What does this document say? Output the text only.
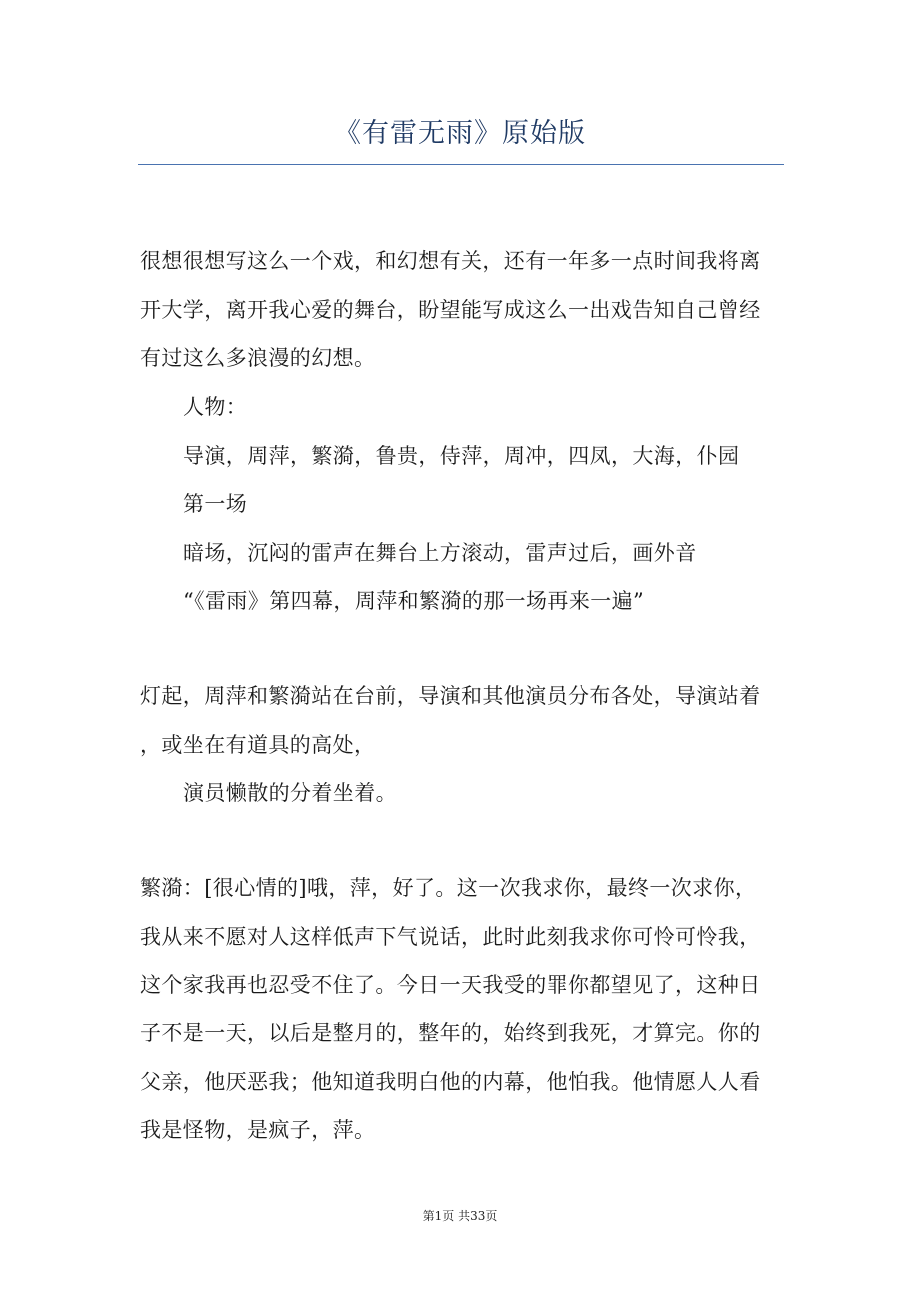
《有雷无雨》原始版
很想很想写这么一个戏，和幻想有关，还有一年多一点时间我将离
开大学，离开我心爱的舞台，盼望能写成这么一出戏告知自己曾经
有过这么多浪漫的幻想。
人物：
导演，周萍，繁漪，鲁贵，侍萍，周冲，四凤，大海，仆园
第一场
暗场，沉闷的雷声在舞台上方滚动，雷声过后，画外音
“《雷雨》第四幕，周萍和繁漪的那一场再来一遍”
灯起，周萍和繁漪站在台前，导演和其他演员分布各处，导演站着
，或坐在有道具的高处，
演员懒散的分着坐着。
繁漪：[很心情的]哦，萍，好了。这一次我求你，最终一次求你，
我从来不愿对人这样低声下气说话，此时此刻我求你可怜可怜我，
这个家我再也忍受不住了。今日一天我受的罪你都望见了，这种日
子不是一天，以后是整月的，整年的，始终到我死，才算完。你的
父亲，他厌恶我；他知道我明白他的内幕，他怕我。他情愿人人看
我是怪物，是疯子，萍。
第1页 共33页
